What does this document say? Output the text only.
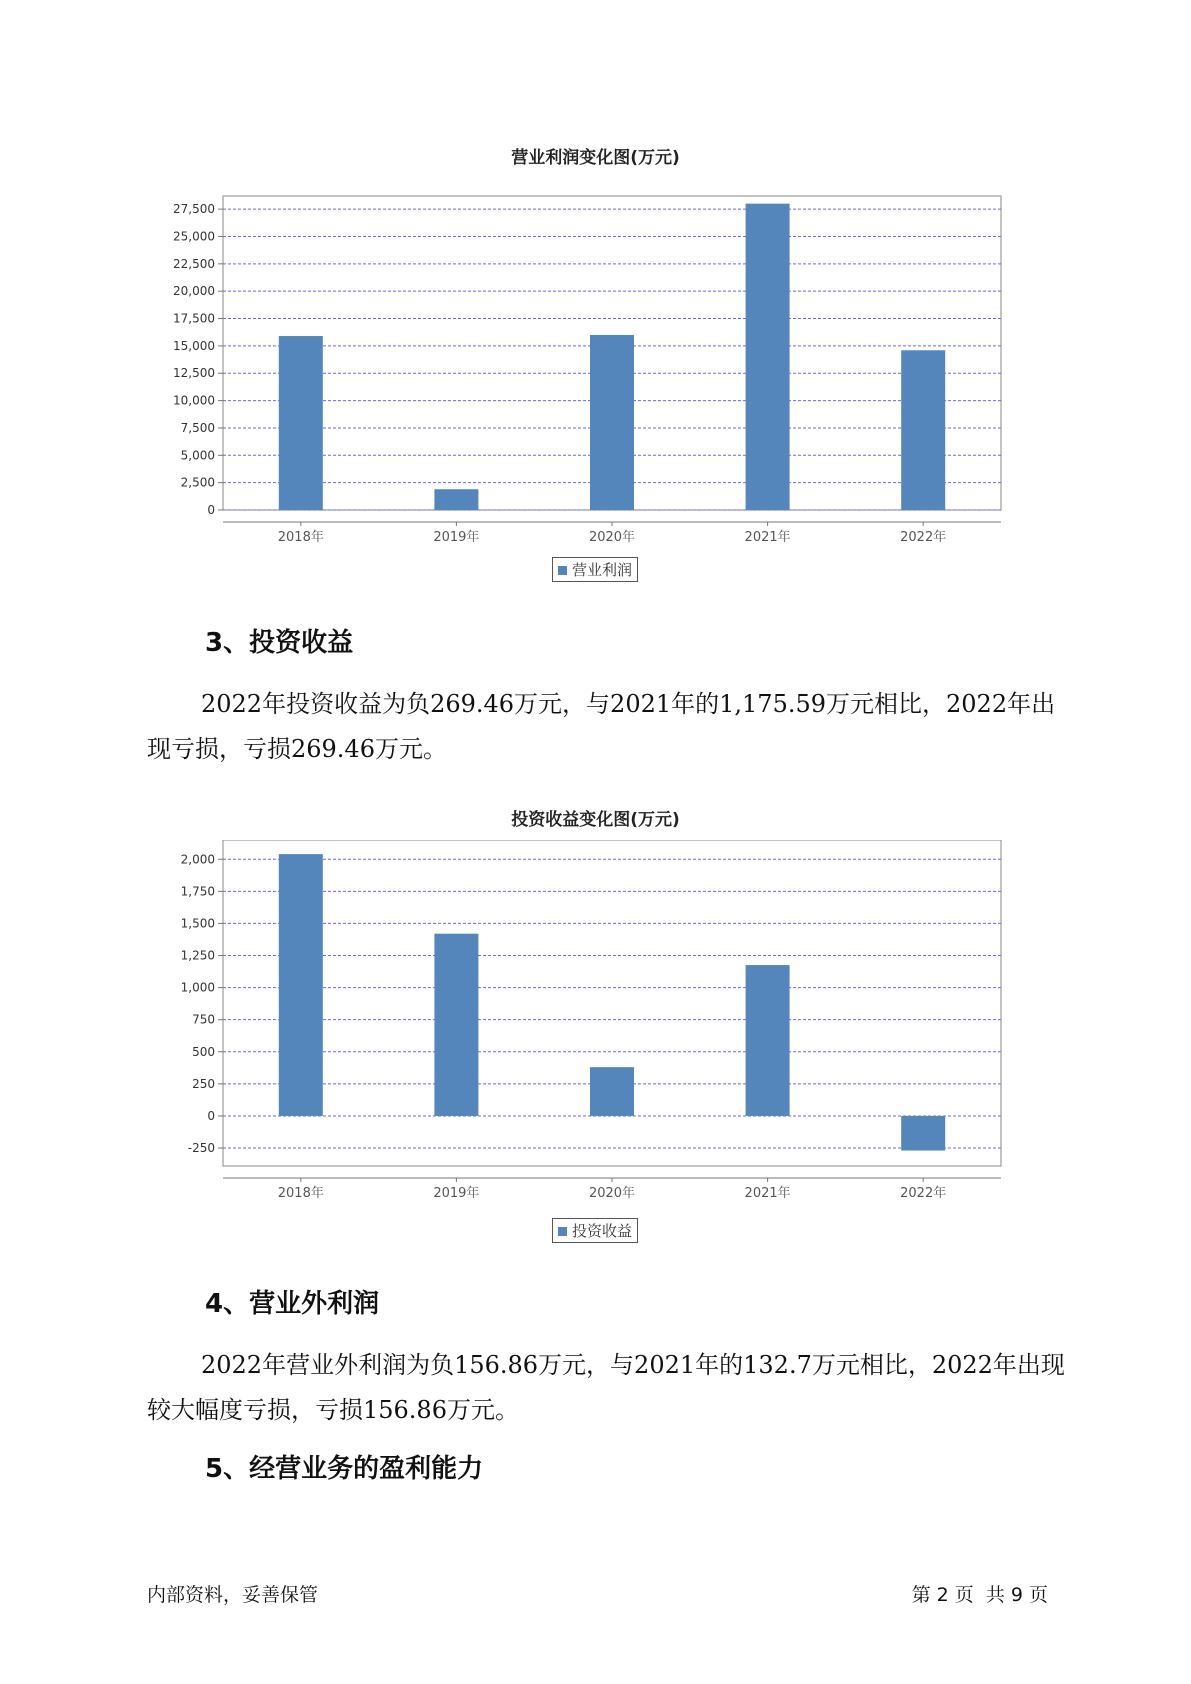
营业利润变化图(万元)
0
2,500
5,000
7,500
10,000
12,500
15,000
17,500
20,000
22,500
25,000
27,500
2018年	2019年	2020年	2021年	2022年
营业利润
3、投资收益
2022年投资收益为负269.46万元，与2021年的1,175.59万元相比，2022年出现亏损，亏损269.46万元。
投资收益变化图(万元)
-250
0
250
500
750
1,000
1,250
1,500
1,750
2,000
2018年	2019年	2020年	2021年	2022年
投资收益
4、营业外利润
2022年营业外利润为负156.86万元，与2021年的132.7万元相比，2022年出现较大幅度亏损，亏损156.86万元。
5、经营业务的盈利能力
内部资料，妥善保管	第 2 页  共 9 页
